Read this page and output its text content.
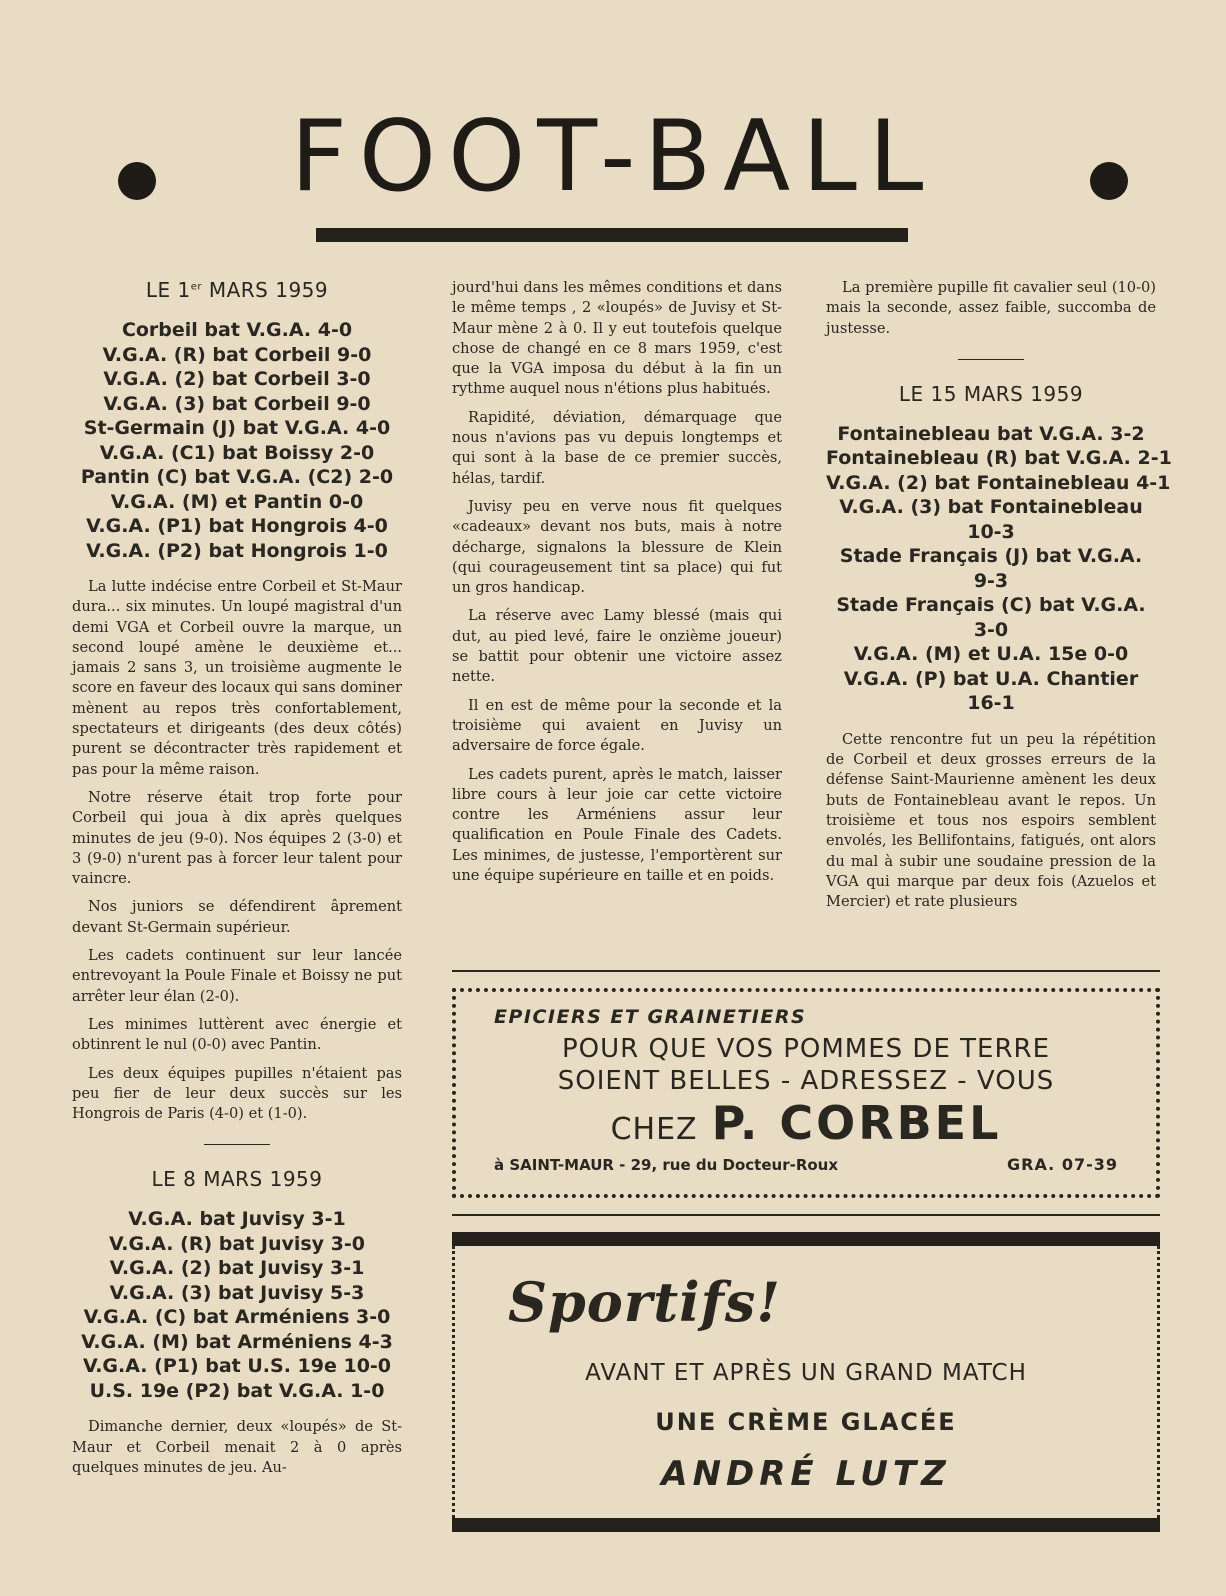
FOOT-BALL
LE 1er MARS 1959
Corbeil bat V.G.A. 4-0
V.G.A. (R) bat Corbeil 9-0
V.G.A. (2) bat Corbeil 3-0
V.G.A. (3) bat Corbeil 9-0
St-Germain (J) bat V.G.A. 4-0
V.G.A. (C1) bat Boissy 2-0
Pantin (C) bat V.G.A. (C2) 2-0
V.G.A. (M) et Pantin 0-0
V.G.A. (P1) bat Hongrois 4-0
V.G.A. (P2) bat Hongrois 1-0

La lutte indécise entre Corbeil et St-Maur dura... six minutes. Un loupé magistral d'un demi VGA et Corbeil ouvre la marque, un second loupé amène le deuxième et... jamais 2 sans 3, un troisième augmente le score en faveur des locaux qui sans dominer mènent au repos très confortablement, spectateurs et dirigeants (des deux côtés) purent se décontracter très rapidement et pas pour la même raison.

Notre réserve était trop forte pour Corbeil qui joua à dix après quelques minutes de jeu (9-0). Nos équipes 2 (3-0) et 3 (9-0) n'urent pas à forcer leur talent pour vaincre.

Nos juniors se défendirent âprement devant St-Germain supérieur.

Les cadets continuent sur leur lancée entrevoyant la Poule Finale et Boissy ne put arrêter leur élan (2-0).

Les minimes luttèrent avec énergie et obtinrent le nul (0-0) avec Pantin.

Les deux équipes pupilles n'étaient pas peu fier de leur deux succès sur les Hongrois de Paris (4-0) et (1-0).

LE 8 MARS 1959
V.G.A. bat Juvisy 3-1
V.G.A. (R) bat Juvisy 3-0
V.G.A. (2) bat Juvisy 3-1
V.G.A. (3) bat Juvisy 5-3
V.G.A. (C) bat Arméniens 3-0
V.G.A. (M) bat Arméniens 4-3
V.G.A. (P1) bat U.S. 19e 10-0
U.S. 19e (P2) bat V.G.A. 1-0

Dimanche dernier, deux «loupés» de St-Maur et Corbeil menait 2 à 0 après quelques minutes de jeu. Au-

jourd'hui dans les mêmes conditions et dans le même temps , 2 «loupés» de Juvisy et St-Maur mène 2 à 0. Il y eut toutefois quelque chose de changé en ce 8 mars 1959, c'est que la VGA imposa du début à la fin un rythme auquel nous n'étions plus habitués.

Rapidité, déviation, démarquage que nous n'avions pas vu depuis longtemps et qui sont à la base de ce premier succès, hélas, tardif.

Juvisy peu en verve nous fit quelques «cadeaux» devant nos buts, mais à notre décharge, signalons la blessure de Klein (qui courageusement tint sa place) qui fut un gros handicap.

La réserve avec Lamy blessé (mais qui dut, au pied levé, faire le onzième joueur) se battit pour obtenir une victoire assez nette.

Il en est de même pour la seconde et la troisième qui avaient en Juvisy un adversaire de force égale.

Les cadets purent, après le match, laisser libre cours à leur joie car cette victoire contre les Arméniens assur leur qualification en Poule Finale des Cadets. Les minimes, de justesse, l'emportèrent sur une équipe supérieure en taille et en poids.

La première pupille fit cavalier seul (10-0) mais la seconde, assez faible, succomba de justesse.

LE 15 MARS 1959
Fontainebleau bat V.G.A. 3-2
Fontainebleau (R) bat V.G.A. 2-1
V.G.A. (2) bat Fontainebleau 4-1
V.G.A. (3) bat Fontainebleau
10-3
Stade Français (J) bat V.G.A.
9-3
Stade Français (C) bat V.G.A.
3-0
V.G.A. (M) et U.A. 15e 0-0
V.G.A. (P) bat U.A. Chantier
16-1

Cette rencontre fut un peu la répétition de Corbeil et deux grosses erreurs de la défense Saint-Maurienne amènent les deux buts de Fontainebleau avant le repos. Un troisième et tous nos espoirs semblent envolés, les Bellifontains, fatigués, ont alors du mal à subir une soudaine pression de la VGA qui marque par deux fois (Azuelos et Mercier) et rate plusieurs

EPICIERS ET GRAINETIERS
POUR QUE VOS POMMES DE TERRE
SOIENT BELLES - ADRESSEZ - VOUS
CHEZ P. CORBEL
à SAINT-MAUR - 29, rue du Docteur-Roux	GRA. 07-39
Sportifs!
AVANT ET APRÈS UN GRAND MATCH
UNE CRÈME GLACÉE
ANDRÉ LUTZ
